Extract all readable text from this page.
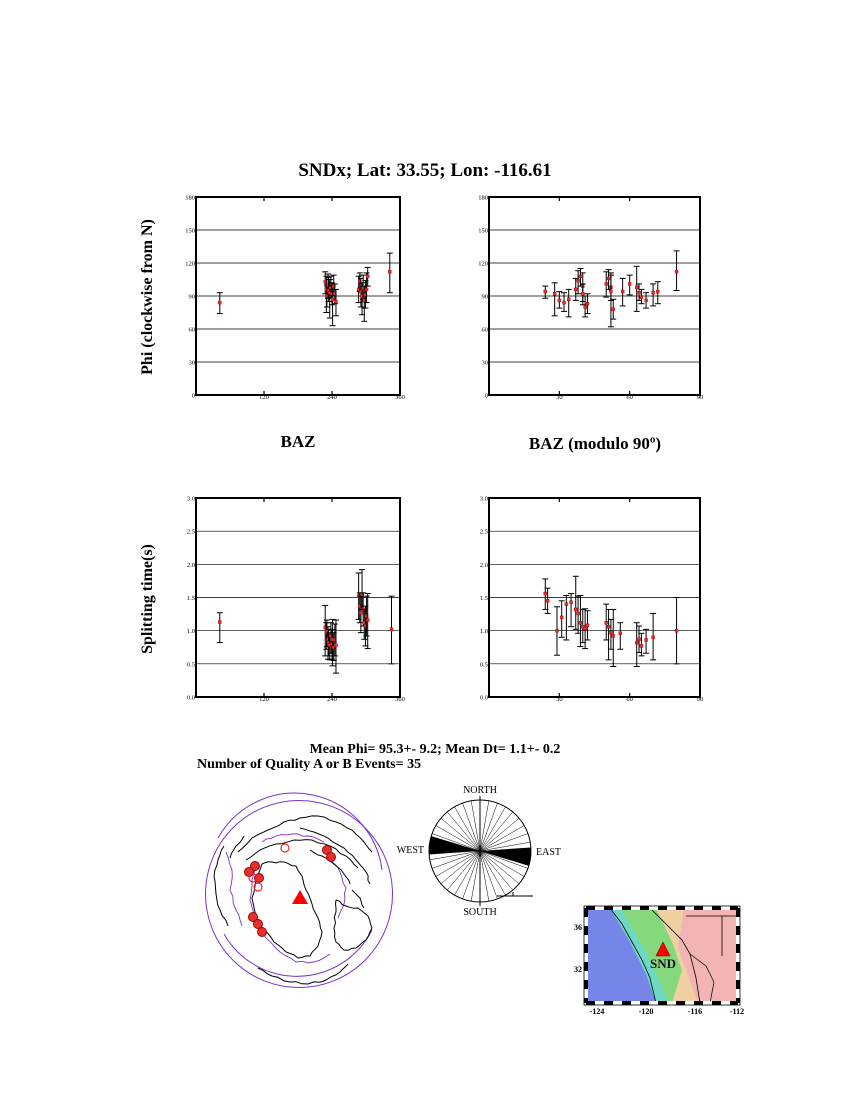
SNDx; Lat: 33.55; Lon: -116.61
Phi (clockwise from N)
Splitting time(s)
BAZ	BAZ (modulo 90º)
Mean Phi= 95.3+- 9.2; Mean Dt= 1.1+- 0.2
Number of Quality A or B Events= 35
120	240	360
0
30
60
90
120
150
180
30	60	90
0
30
60
90
120
150
180
120	240	360
0.0
0.5
1.0
1.5
2.0
2.5
3.0
30	60	90
0.0
0.5
1.0
1.5
2.0
2.5
3.0
NORTH
EAST
SOUTH
WEST
SND
-124	-120	-116	-112
36
32
